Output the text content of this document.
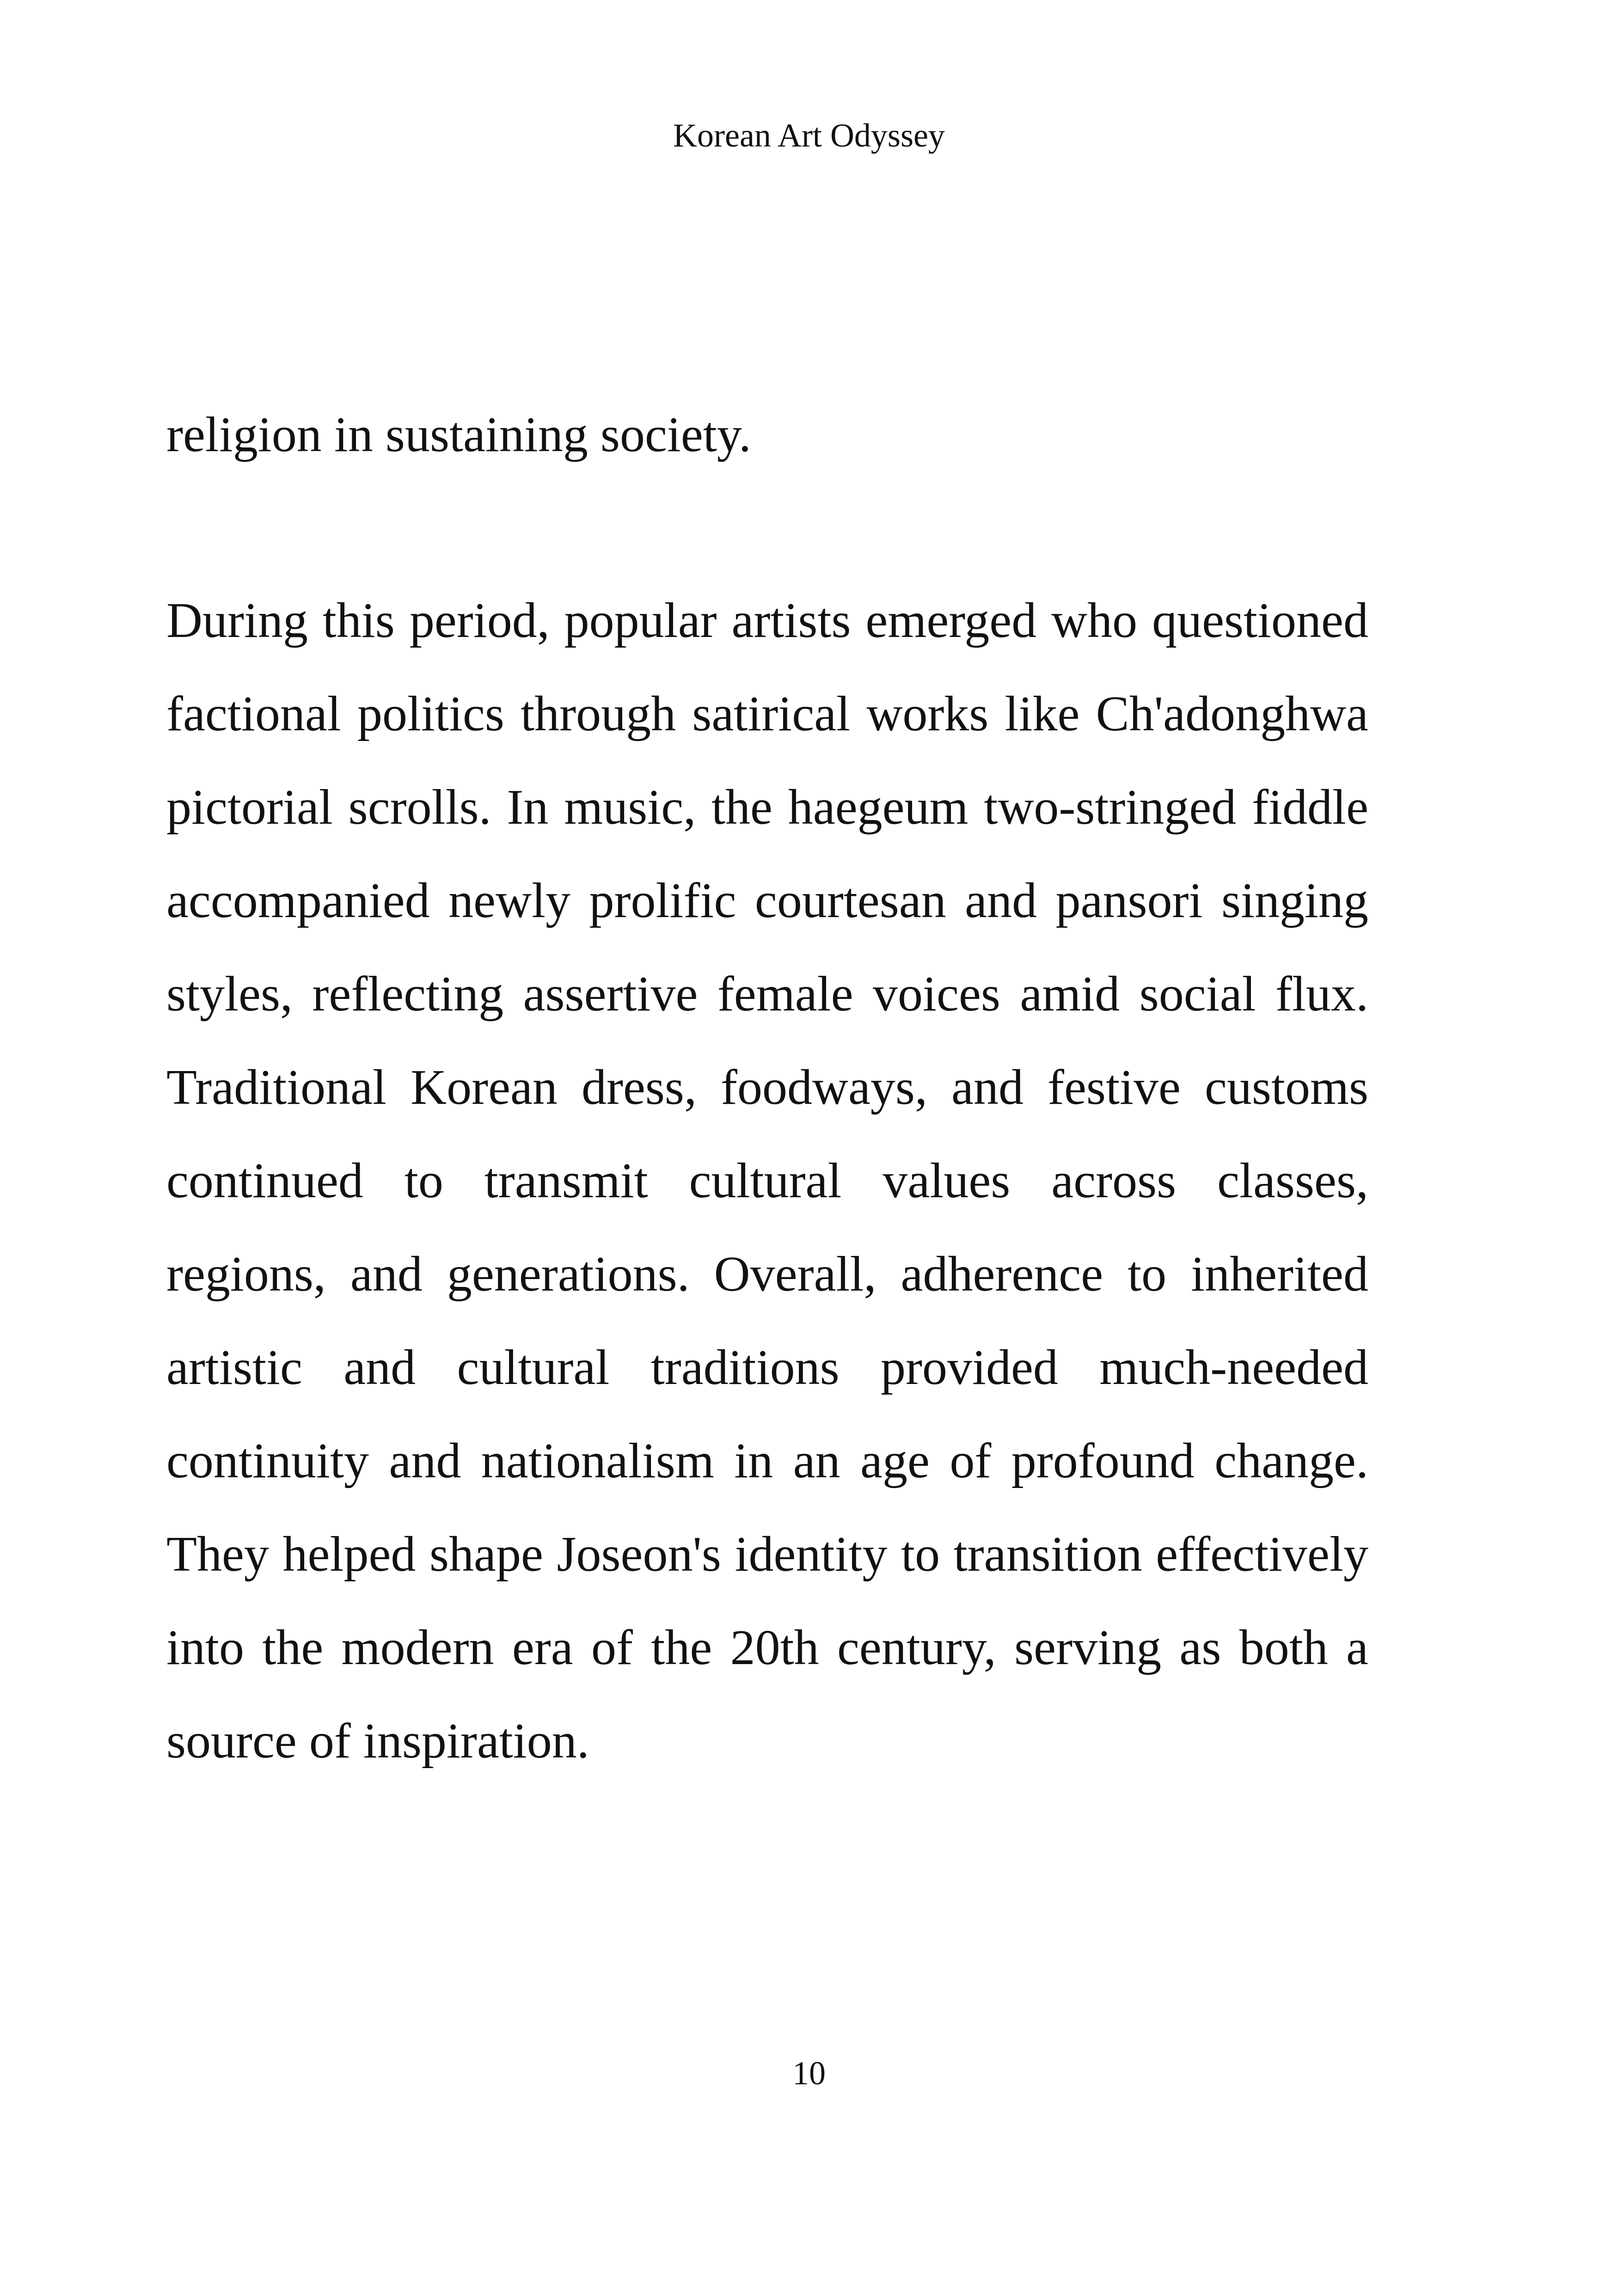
Korean Art Odyssey

religion in sustaining society.

During this period, popular artists emerged who questioned factional politics through satirical works like Ch'adonghwa pictorial scrolls. In music, the haegeum two-stringed fiddle accompanied newly prolific courtesan and pansori singing styles, reflecting assertive female voices amid social flux. Traditional Korean dress, foodways, and festive customs continued to transmit cultural values across classes, regions, and generations. Overall, adherence to inherited artistic and cultural traditions provided much-needed continuity and nationalism in an age of profound change. They helped shape Joseon's identity to transition effectively into the modern era of the 20th century, serving as both a source of inspiration.

10
